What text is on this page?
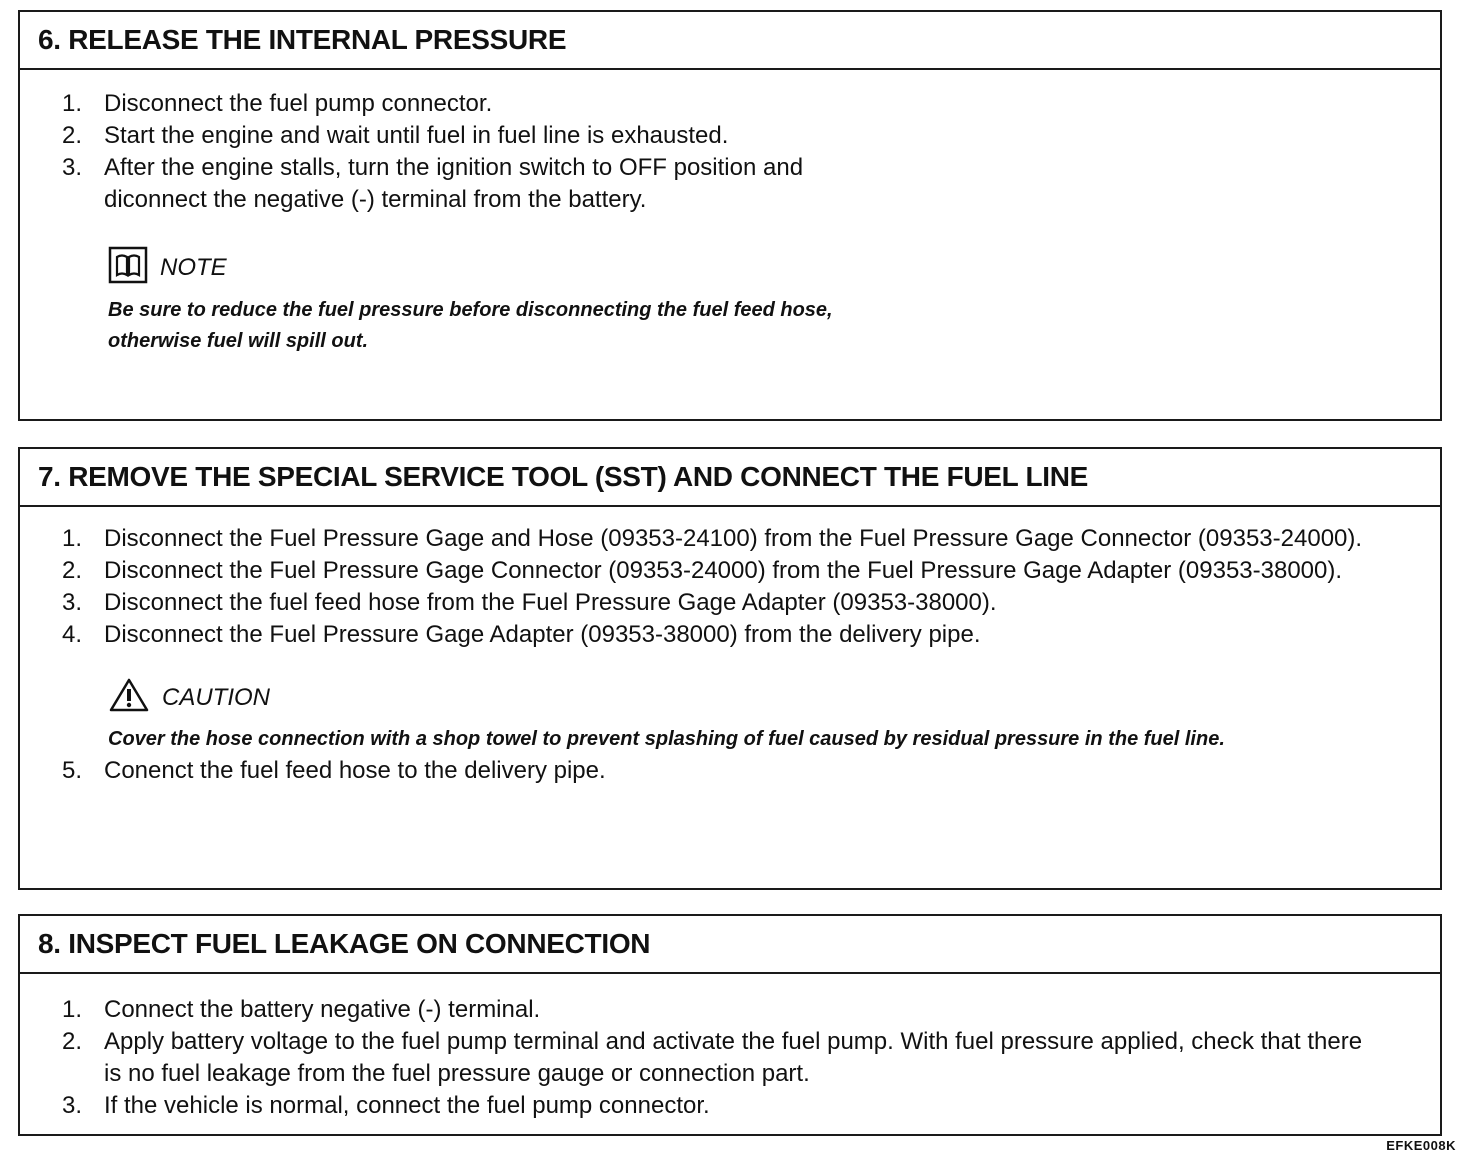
6. RELEASE THE INTERNAL PRESSURE
1. Disconnect the fuel pump connector.
2. Start the engine and wait until fuel in fuel line is exhausted.
3. After the engine stalls, turn the ignition switch to OFF position and diconnect the negative (-) terminal from the battery.
NOTE
Be sure to reduce the fuel pressure before disconnecting the fuel feed hose, otherwise fuel will spill out.
7. REMOVE THE SPECIAL SERVICE TOOL (SST) AND CONNECT THE FUEL LINE
1. Disconnect the Fuel Pressure Gage and Hose (09353-24100) from the Fuel Pressure Gage Connector (09353-24000).
2. Disconnect the Fuel Pressure Gage Connector (09353-24000) from the Fuel Pressure Gage Adapter (09353-38000).
3. Disconnect the fuel feed hose from the Fuel Pressure Gage Adapter (09353-38000).
4. Disconnect the Fuel Pressure Gage Adapter (09353-38000) from the delivery pipe.
CAUTION
Cover the hose connection with a shop towel to prevent splashing of fuel caused by residual pressure in the fuel line.
5. Conenct the fuel feed hose to the delivery pipe.
8. INSPECT FUEL LEAKAGE ON CONNECTION
1. Connect the battery negative (-) terminal.
2. Apply battery voltage to the fuel pump terminal and activate the fuel pump. With fuel pressure applied, check that there is no fuel leakage from the fuel pressure gauge or connection part.
3. If the vehicle is normal, connect the fuel pump connector.
EFKE008K
